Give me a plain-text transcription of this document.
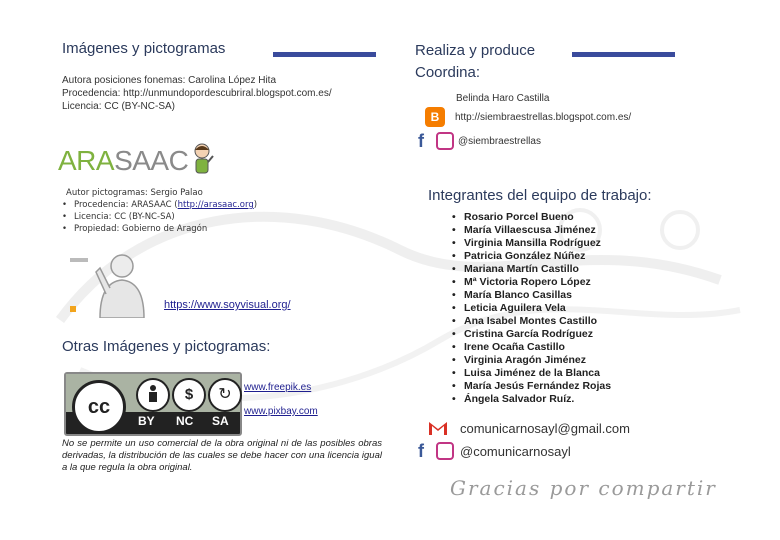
Imágenes y pictogramas
Autora posiciones fonemas: Carolina López Hita
Procedencia: http://unmundopordescubriral.blogspot.com.es/
Licencia: CC (BY-NC-SA)
ARASAAC
Autor pictogramas: Sergio Palao
• Procedencia: ARASAAC (http://arasaac.org)
• Licencia: CC (BY-NC-SA)
• Propiedad: Gobierno de Aragón
https://www.soyvisual.org/
Otras Imágenes y pictogramas:
cc
$	↻
BY NC SA
www.freepik.es
www.pixbay.com
No se permite un uso comercial de la obra original ni de las posibles obras derivadas, la distribución de las cuales se debe hacer con una licencia igual a la que regula la obra original.
Realiza y produce
Coordina:
Belinda Haro Castilla
B http://siembraestrellas.blogspot.com.es/
f	@siembraestrellas
Integrantes del equipo de trabajo:
• Rosario Porcel Bueno
• María Villaescusa Jiménez
• Virginia Mansilla Rodríguez
• Patricia González Núñez
• Mariana Martín Castillo
• Mª Victoria Ropero López
• María Blanco Casillas
• Leticia Aguilera Vela
• Ana Isabel Montes Castillo
• Cristina García Rodríguez
• Irene Ocaña Castillo
• Virginia Aragón Jiménez
• Luisa Jiménez de la Blanca
• María Jesús Fernández Rojas
• Ángela Salvador Ruíz.
comunicarnosayl@gmail.com
f	@comunicarnosayl
Gracias por compartir
